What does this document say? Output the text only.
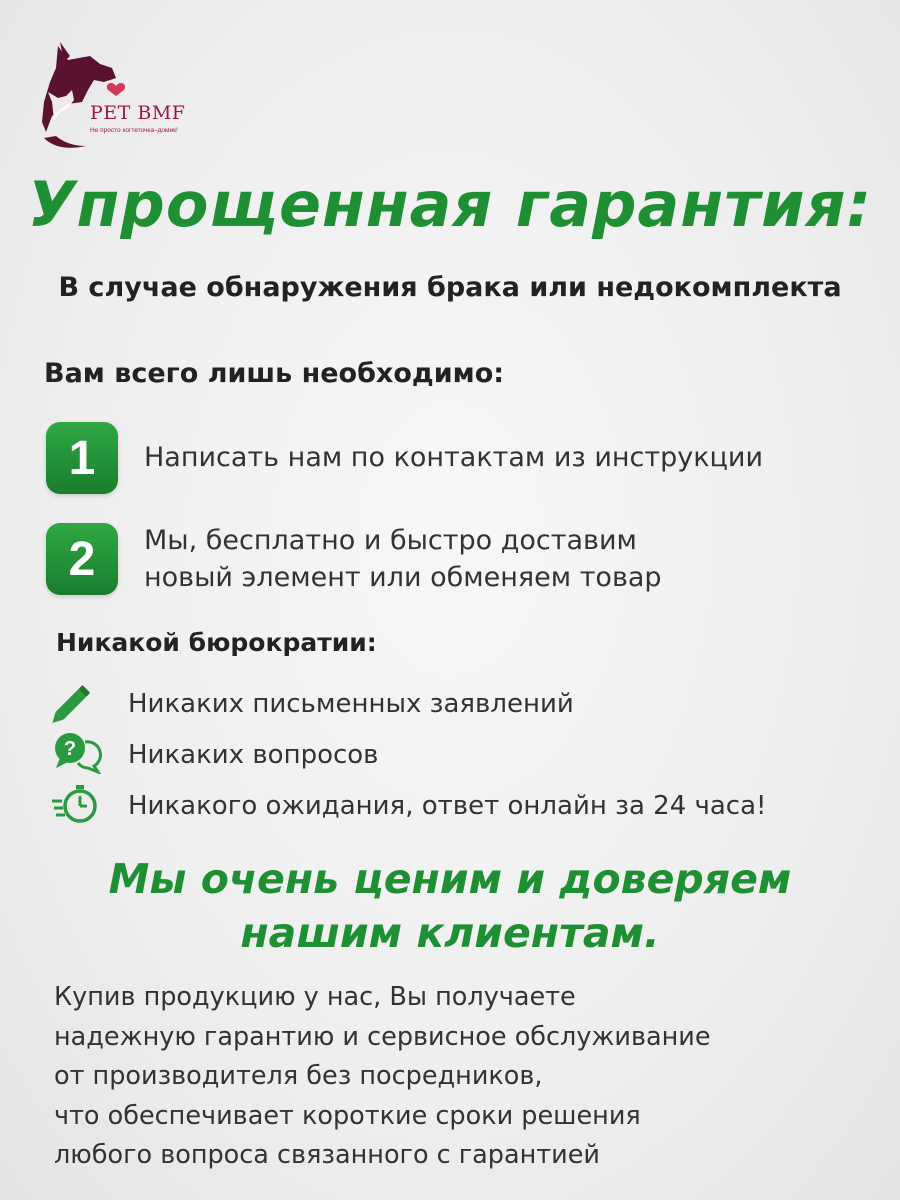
PET BMF
Не просто когтеточка–домик!
Упрощенная гарантия:
В случае обнаружения брака или недокомплекта
Вам всего лишь необходимо:
1	Написать нам по контактам из инструкции
2	Мы, бесплатно и быстро доставим
новый элемент или обменяем товар
Никакой бюрократии:
Никаких письменных заявлений
? Никаких вопросов
Никакого ожидания, ответ онлайн за 24 часа!
Мы очень ценим и доверяем
нашим клиентам.
Купив продукцию у нас, Вы получаете
надежную гарантию и сервисное обслуживание
от производителя без посредников,
что обеспечивает короткие сроки решения
любого вопроса связанного с гарантией
